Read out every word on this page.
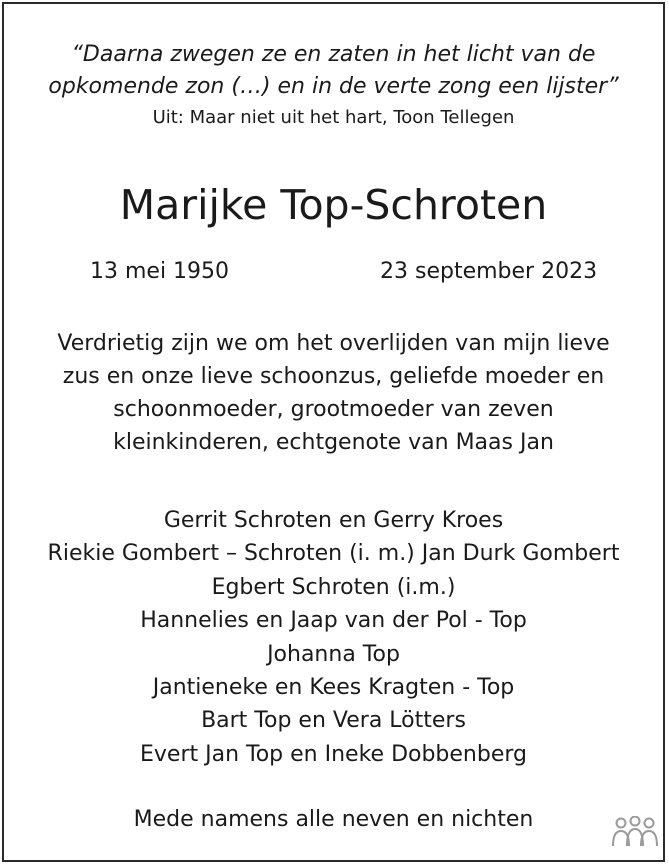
“Daarna zwegen ze en zaten in het licht van de
opkomende zon (…) en in de verte zong een lijster”
Uit: Maar niet uit het hart, Toon Tellegen
Marijke Top-Schroten
13 mei 1950	23 september 2023
Verdrietig zijn we om het overlijden van mijn lieve
zus en onze lieve schoonzus, geliefde moeder en
schoonmoeder, grootmoeder van zeven
kleinkinderen, echtgenote van Maas Jan
Gerrit Schroten en Gerry Kroes
Riekie Gombert – Schroten (i. m.) Jan Durk Gombert
Egbert Schroten (i.m.)
Hannelies en Jaap van der Pol - Top
Johanna Top
Jantieneke en Kees Kragten - Top
Bart Top en Vera Lötters
Evert Jan Top en Ineke Dobbenberg
Mede namens alle neven en nichten
